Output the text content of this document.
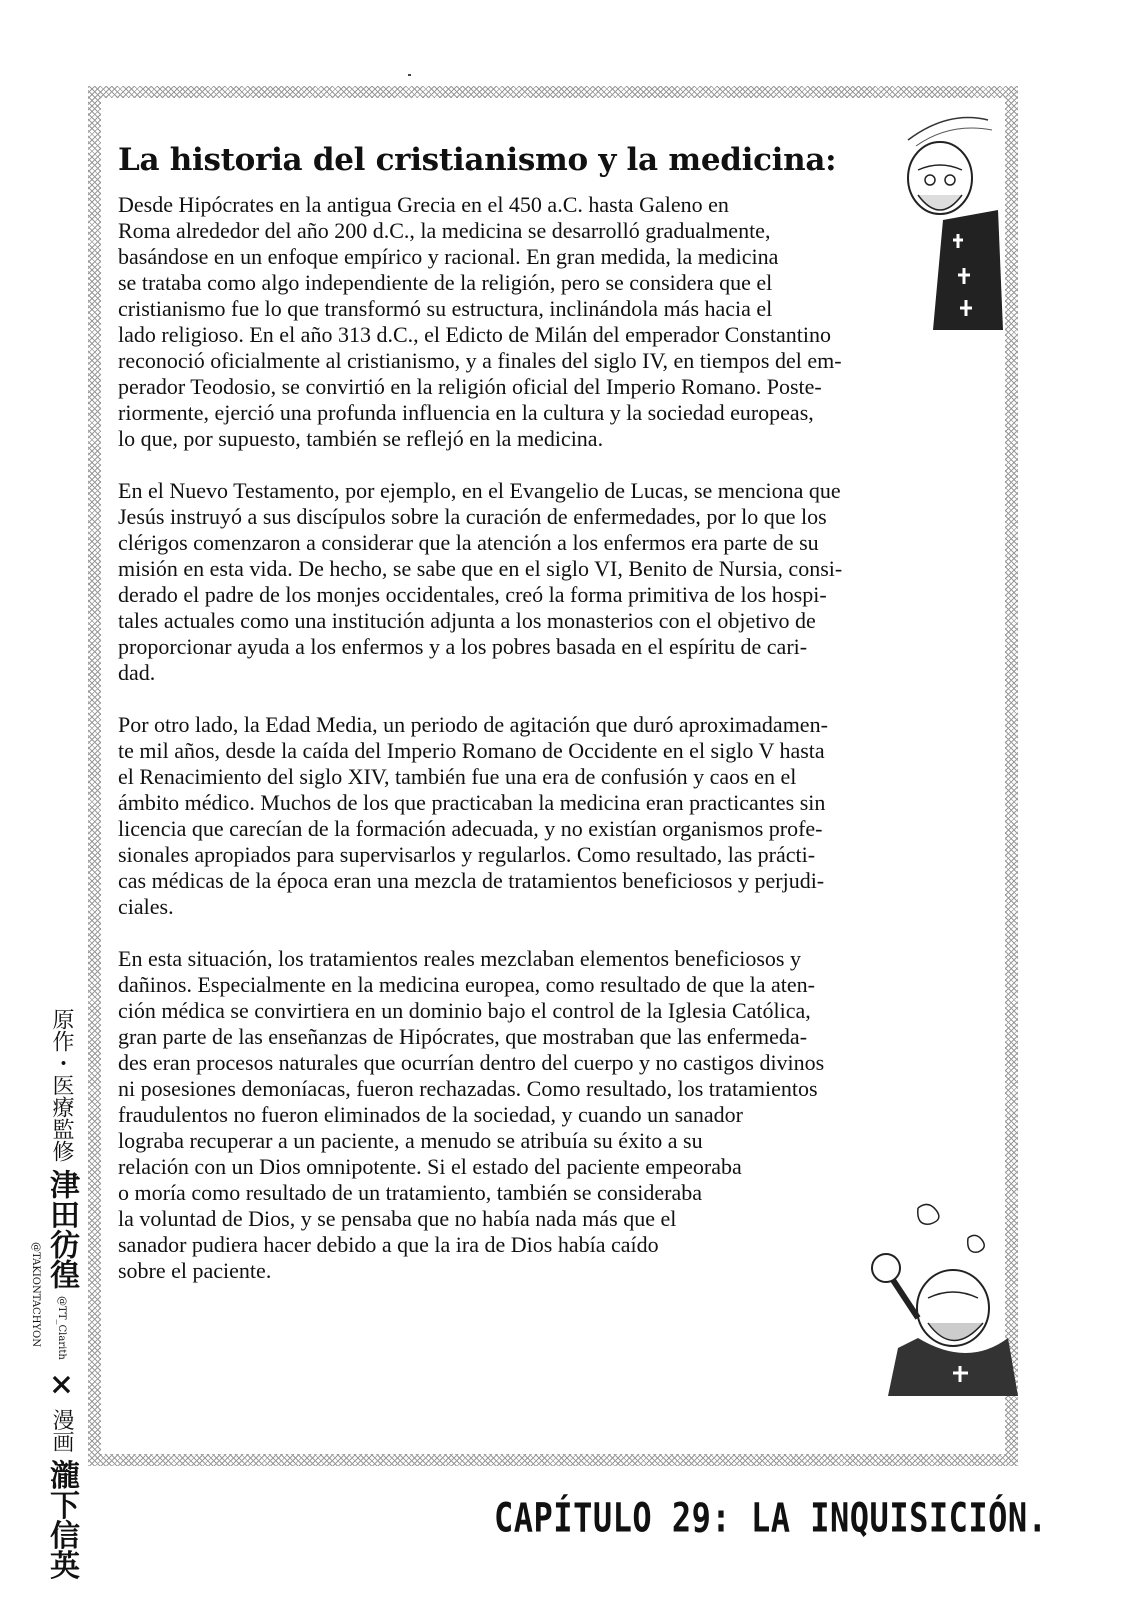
La historia del cristianismo y la medicina:

Desde Hipócrates en la antigua Grecia en el 450 a.C. hasta Galeno en

Roma alrededor del año 200 d.C., la medicina se desarrolló gradualmente,

basándose en un enfoque empírico y racional. En gran medida, la medicina

se trataba como algo independiente de la religión, pero se considera que el

cristianismo fue lo que transformó su estructura, inclinándola más hacia el

lado religioso. En el año 313 d.C., el Edicto de Milán del emperador Constantino

reconoció oficialmente al cristianismo, y a finales del siglo IV, en tiempos del em-

perador Teodosio, se convirtió en la religión oficial del Imperio Romano. Poste-

riormente, ejerció una profunda influencia en la cultura y la sociedad europeas,

lo que, por supuesto, también se reflejó en la medicina.

En el Nuevo Testamento, por ejemplo, en el Evangelio de Lucas, se menciona que

Jesús instruyó a sus discípulos sobre la curación de enfermedades, por lo que los

clérigos comenzaron a considerar que la atención a los enfermos era parte de su

misión en esta vida. De hecho, se sabe que en el siglo VI, Benito de Nursia, consi-

derado el padre de los monjes occidentales, creó la forma primitiva de los hospi-

tales actuales como una institución adjunta a los monasterios con el objetivo de

proporcionar ayuda a los enfermos y a los pobres basada en el espíritu de cari-

dad.

Por otro lado, la Edad Media, un periodo de agitación que duró aproximadamen-

te mil años, desde la caída del Imperio Romano de Occidente en el siglo V hasta

el Renacimiento del siglo XIV, también fue una era de confusión y caos en el

ámbito médico. Muchos de los que practicaban la medicina eran practicantes sin

licencia que carecían de la formación adecuada, y no existían organismos profe-

sionales apropiados para supervisarlos y regularlos. Como resultado, las prácti-

cas médicas de la época eran una mezcla de tratamientos beneficiosos y perjudi-

ciales.

En esta situación, los tratamientos reales mezclaban elementos beneficiosos y

dañinos. Especialmente en la medicina europea, como resultado de que la aten-

ción médica se convirtiera en un dominio bajo el control de la Iglesia Católica,

gran parte de las enseñanzas de Hipócrates, que mostraban que las enfermeda-

des eran procesos naturales que ocurrían dentro del cuerpo y no castigos divinos

ni posesiones demoníacas, fueron rechazadas. Como resultado, los tratamientos

fraudulentos no fueron eliminados de la sociedad, y cuando un sanador

lograba recuperar a un paciente, a menudo se atribuía su éxito a su

relación con un Dios omnipotente. Si el estado del paciente empeoraba

o moría como resultado de un tratamiento, también se consideraba

la voluntad de Dios, y se pensaba que no había nada más que el

sanador pudiera hacer debido a que la ira de Dios había caído

sobre el paciente.

原作・医療監修 津田彷徨 @TT_Clarith × 漫画 瀧下信英 @TAKIONTACHYON
CAPÍTULO 29: LA INQUISICIÓN.
